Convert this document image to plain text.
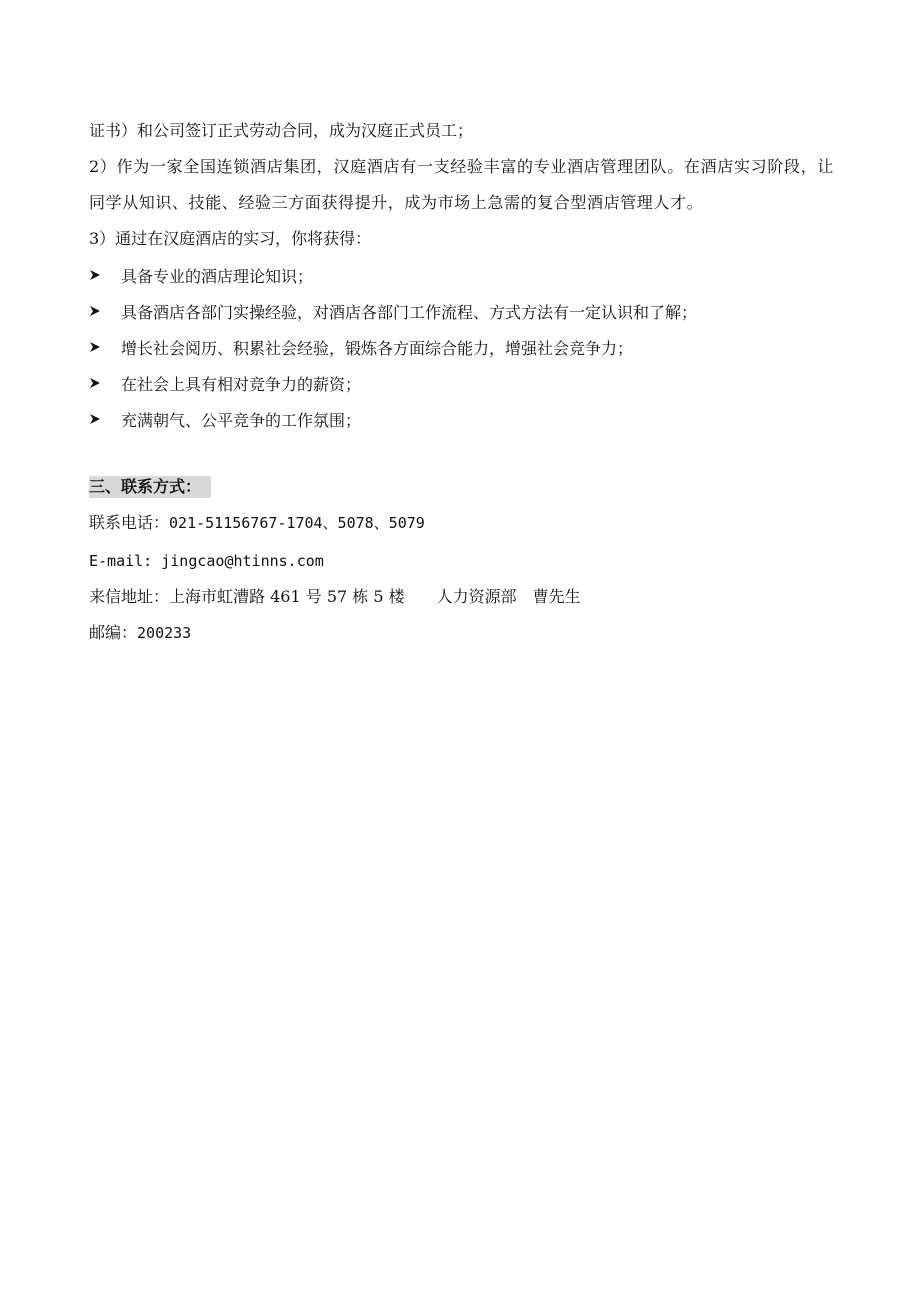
证书）和公司签订正式劳动合同，成为汉庭正式员工；

2）作为一家全国连锁酒店集团，汉庭酒店有一支经验丰富的专业酒店管理团队。在酒店实习阶段，让同学从知识、技能、经验三方面获得提升，成为市场上急需的复合型酒店管理人才。

3）通过在汉庭酒店的实习，你将获得：

具备专业的酒店理论知识；
具备酒店各部门实操经验，对酒店各部门工作流程、方式方法有一定认识和了解；
增长社会阅历、积累社会经验，锻炼各方面综合能力，增强社会竞争力；
在社会上具有相对竞争力的薪资；
充满朝气、公平竞争的工作氛围；
三、联系方式：
联系电话：021-51156767-1704、5078、5079
E-mail: jingcao@htinns.com
来信地址：上海市虹漕路 461 号 57 栋 5 楼　　人力资源部　曹先生
邮编：200233
